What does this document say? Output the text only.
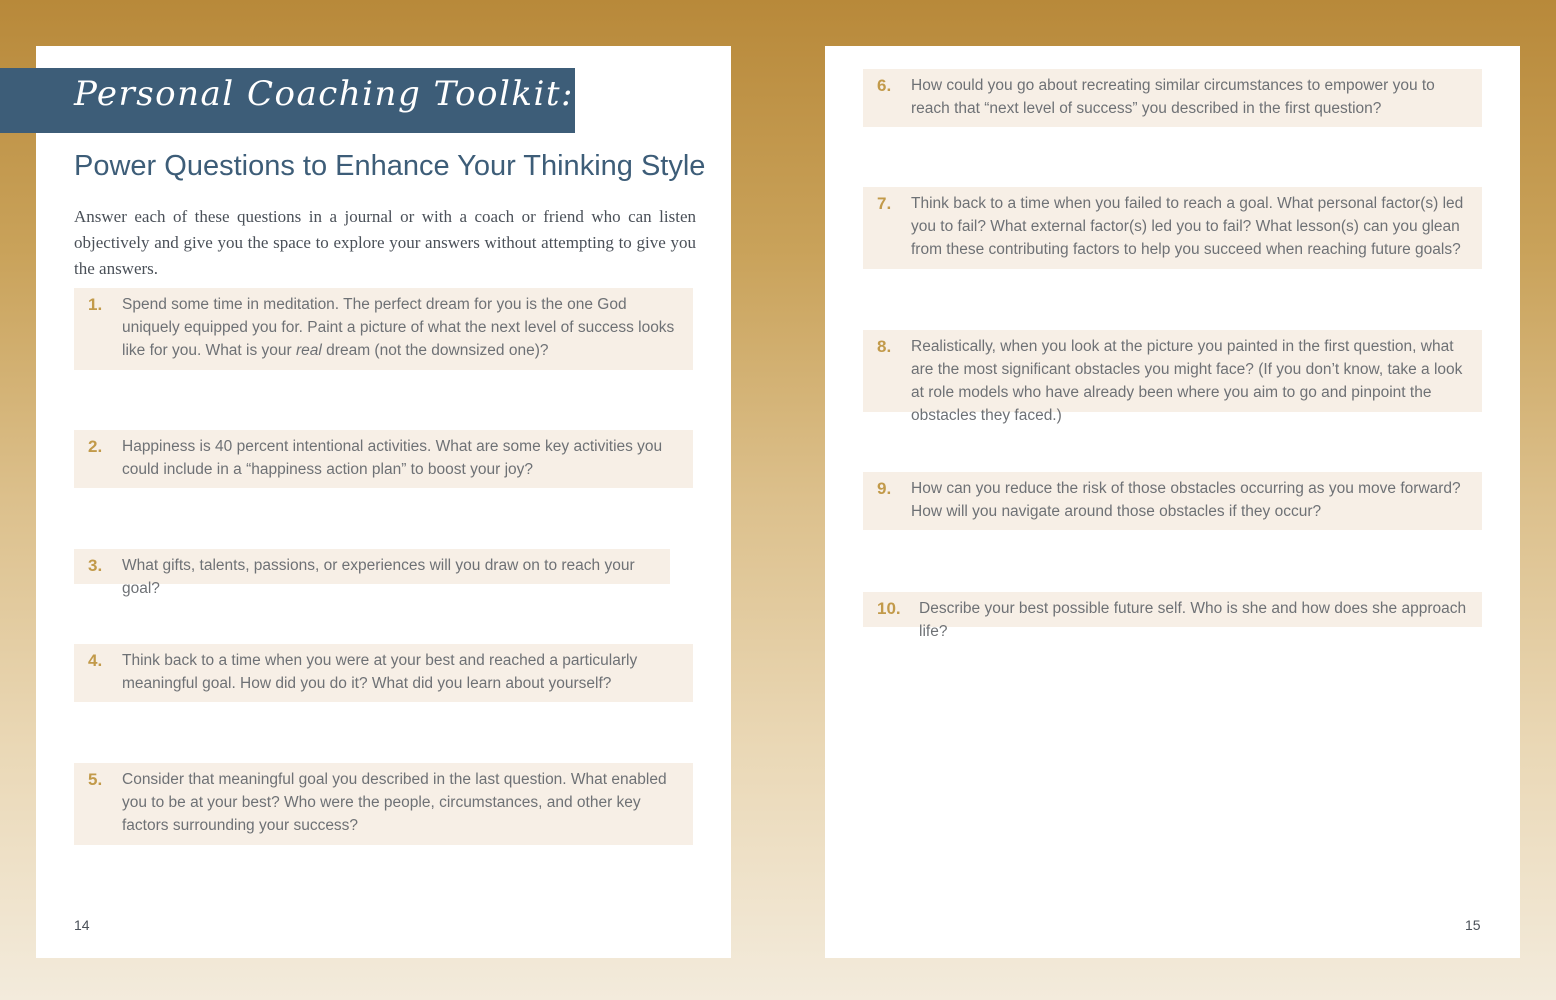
Personal Coaching Toolkit:
Power Questions to Enhance Your Thinking Style
Answer each of these questions in a journal or with a coach or friend who can listen objectively and give you the space to explore your answers without attempting to give you the answers.
1. Spend some time in meditation. The perfect dream for you is the one God uniquely equipped you for. Paint a picture of what the next level of success looks like for you. What is your real dream (not the downsized one)?
2. Happiness is 40 percent intentional activities. What are some key activities you could include in a “happiness action plan” to boost your joy?
3. What gifts, talents, passions, or experiences will you draw on to reach your goal?
4. Think back to a time when you were at your best and reached a particularly meaningful goal. How did you do it? What did you learn about yourself?
5. Consider that meaningful goal you described in the last question. What enabled you to be at your best? Who were the people, circumstances, and other key factors surrounding your success?
14
6. How could you go about recreating similar circumstances to empower you to reach that “next level of success” you described in the first question?
7. Think back to a time when you failed to reach a goal. What personal factor(s) led you to fail? What external factor(s) led you to fail? What lesson(s) can you glean from these contributing factors to help you succeed when reaching future goals?
8. Realistically, when you look at the picture you painted in the first question, what are the most significant obstacles you might face? (If you don’t know, take a look at role models who have already been where you aim to go and pinpoint the obstacles they faced.)
9. How can you reduce the risk of those obstacles occurring as you move forward? How will you navigate around those obstacles if they occur?
10. Describe your best possible future self. Who is she and how does she approach life?
15
